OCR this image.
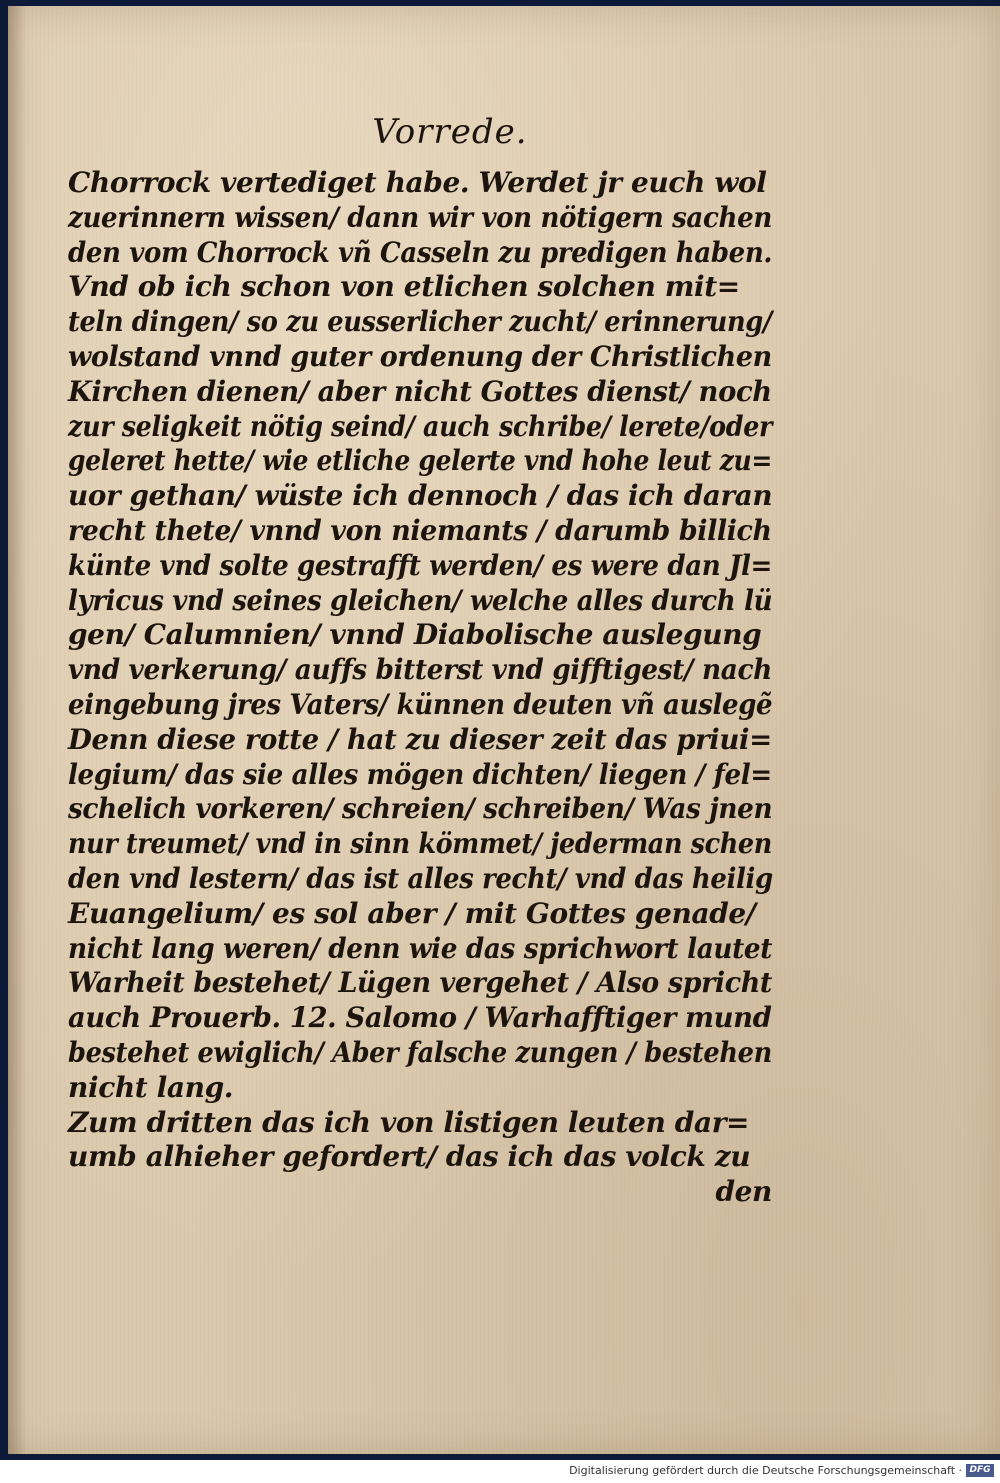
Vorrede.
Chorrock vertediget habe. Werdet jr euch wol
zuerinnern wissen/ dann wir von nötigern sachen
den vom Chorrock vñ Casseln zu predigen haben.
Vnd ob ich schon von etlichen solchen mit=
teln dingen/ so zu eusserlicher zucht/ erinnerung/
wolstand vnnd guter ordenung der Christlichen
Kirchen dienen/ aber nicht Gottes dienst/ noch
zur seligkeit nötig seind/ auch schribe/ lerete/oder
geleret hette/ wie etliche gelerte vnd hohe leut zu=
uor gethan/ wüste ich dennoch / das ich daran
recht thete/ vnnd von niemants / darumb billich
künte vnd solte gestrafft werden/ es were dan Jl=
lyricus vnd seines gleichen/ welche alles durch lü
gen/ Calumnien/ vnnd Diabolische auslegung
vnd verkerung/ auffs bitterst vnd gifftigest/ nach
eingebung jres Vaters/ künnen deuten vñ auslegẽ
Denn diese rotte / hat zu dieser zeit das priui=
legium/ das sie alles mögen dichten/ liegen / fel=
schelich vorkeren/ schreien/ schreiben/ Was jnen
nur treumet/ vnd in sinn kömmet/ jederman schen
den vnd lestern/ das ist alles recht/ vnd das heilig
Euangelium/ es sol aber / mit Gottes genade/
nicht lang weren/ denn wie das sprichwort lautet
Warheit bestehet/ Lügen vergehet / Also spricht
auch Prouerb. 12. Salomo / Warhafftiger mund
bestehet ewiglich/ Aber falsche zungen / bestehen
nicht lang.
Zum dritten das ich von listigen leuten dar=
umb alhieher gefordert/ das ich das volck zu
den
Digitalisierung gefördert durch die Deutsche Forschungsgemeinschaft · DFG
